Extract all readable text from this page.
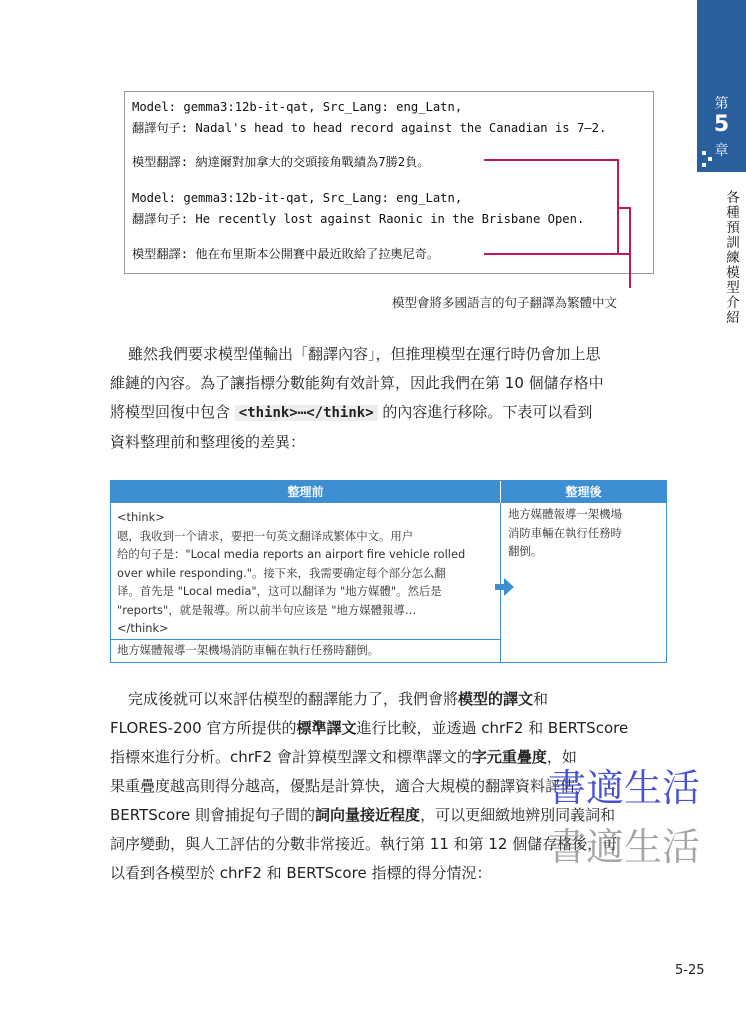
第
5
章
各種預訓練模型介紹
Model: gemma3:12b-it-qat, Src_Lang: eng_Latn,
翻譯句子: Nadal's head to head record against the Canadian is 7–2.
模型翻譯: 納達爾對加拿大的交頭接角戰績為7勝2負。
Model: gemma3:12b-it-qat, Src_Lang: eng_Latn,
翻譯句子: He recently lost against Raonic in the Brisbane Open.
模型翻譯: 他在布里斯本公開賽中最近敗給了拉奧尼奇。
模型會將多國語言的句子翻譯為繁體中文
雖然我們要求模型僅輸出「翻譯內容」，但推理模型在運行時仍會加上思
維鏈的內容。為了讓指標分數能夠有效計算，因此我們在第 10 個儲存格中
將模型回復中包含 <think>⋯</think> 的內容進行移除。下表可以看到
資料整理前和整理後的差異：
整理前	整理後
<think>
嗯，我收到一个请求，要把一句英文翻译成繁体中文。用户
给的句子是："Local media reports an airport fire vehicle rolled
over while responding."。接下来，我需要确定每个部分怎么翻
译。首先是 "Local media"，这可以翻译为 "地方媒體"。然后是
"reports"，就是報導。所以前半句应该是 "地方媒體報導…
</think>
地方媒體報導一架機場消防車輛在執行任務時翻倒。
地方媒體報導一架機場
消防車輛在執行任務時
翻倒。
完成後就可以來評估模型的翻譯能力了，我們會將模型的譯文和
FLORES-200 官方所提供的標準譯文進行比較，並透過 chrF2 和 BERTScore
指標來進行分析。chrF2 會計算模型譯文和標準譯文的字元重疊度，如
果重疊度越高則得分越高，優點是計算快，適合大規模的翻譯資料評估。
BERTScore 則會捕捉句子間的詞向量接近程度，可以更細緻地辨別同義詞和
詞序變動，與人工評估的分數非常接近。執行第 11 和第 12 個儲存格後，可
以看到各模型於 chrF2 和 BERTScore 指標的得分情況：
書適生活
書適生活
5-25
